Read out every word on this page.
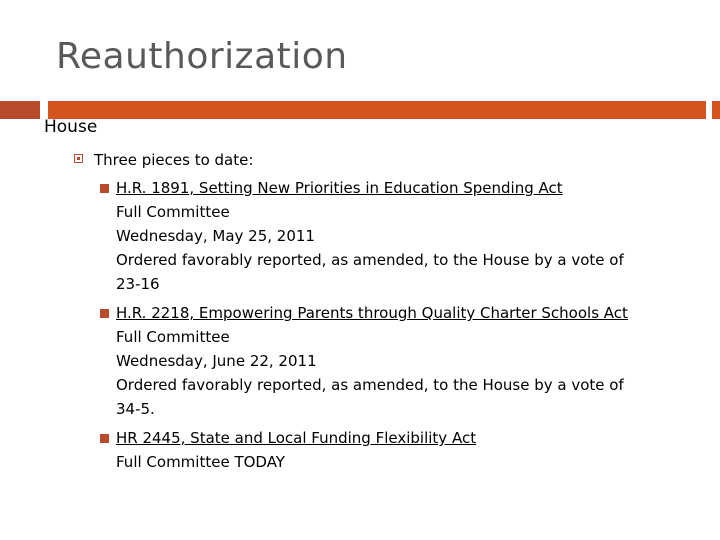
Reauthorization
House
Three pieces to date:
H.R. 1891, Setting New Priorities in Education Spending Act
Full Committee
Wednesday, May 25, 2011
Ordered favorably reported, as amended, to the House by a vote of
23-16
H.R. 2218, Empowering Parents through Quality Charter Schools Act
Full Committee
Wednesday, June 22, 2011
Ordered favorably reported, as amended, to the House by a vote of
34-5.
HR 2445, State and Local Funding Flexibility Act
Full Committee TODAY
